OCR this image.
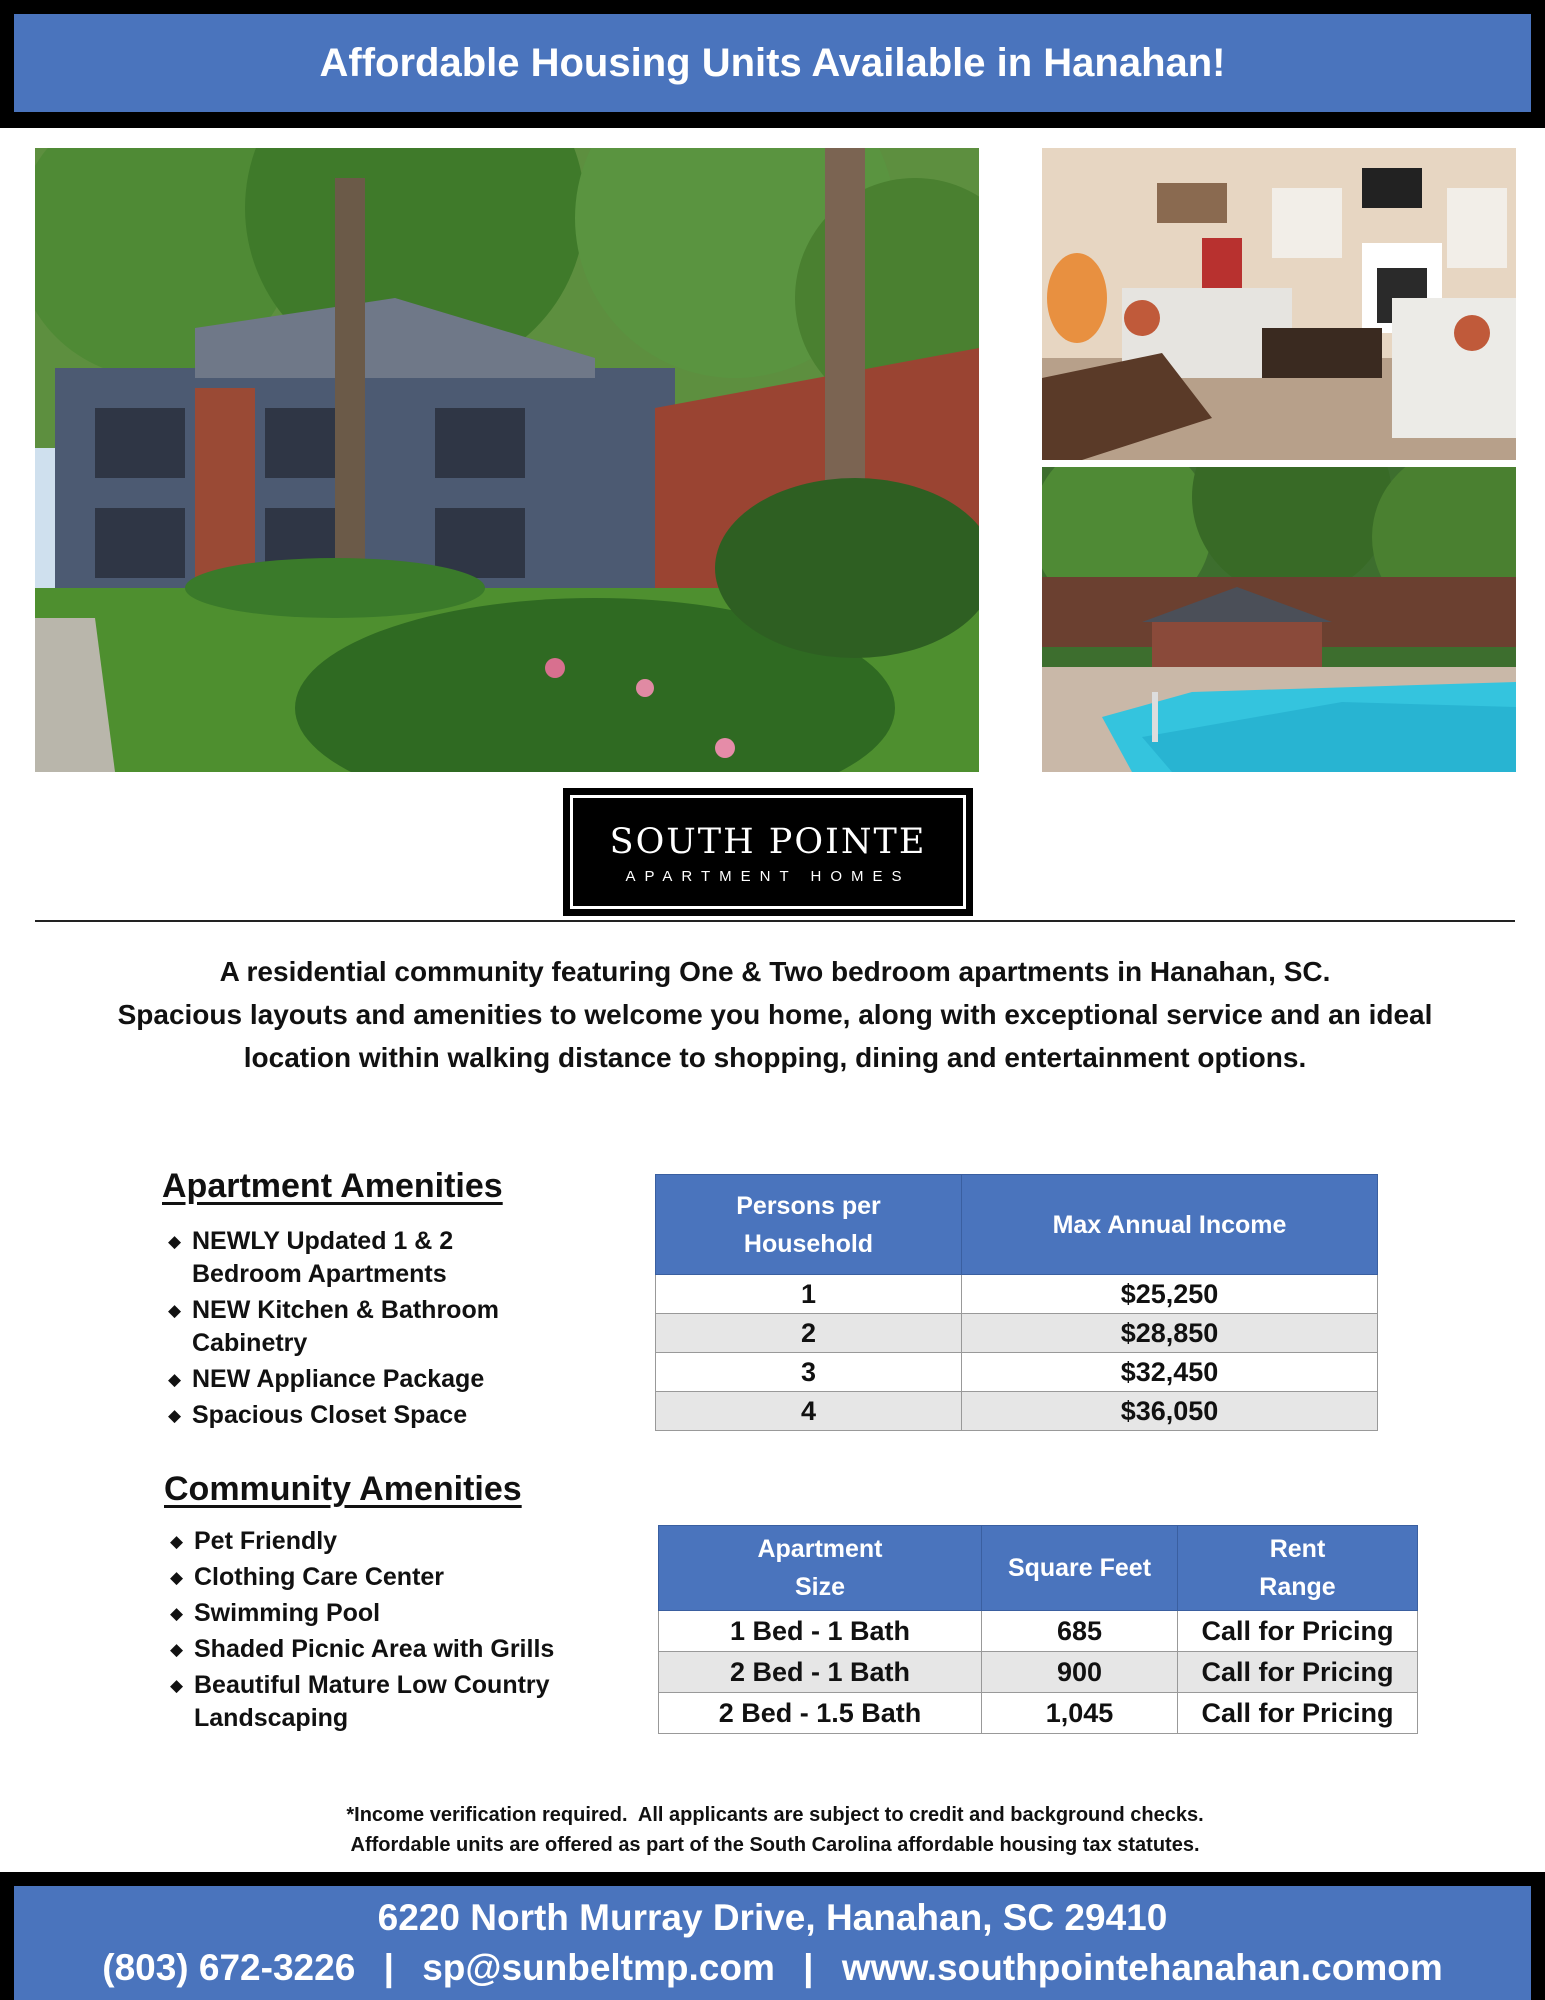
Affordable Housing Units Available in Hanahan!
SOUTH POINTE
APARTMENT HOMES
A residential community featuring One & Two bedroom apartments in Hanahan, SC.
Spacious layouts and amenities to welcome you home, along with exceptional service and an ideal
location within walking distance to shopping, dining and entertainment options.
Apartment Amenities
◆ NEWLY Updated 1 & 2
Bedroom Apartments
◆ NEW Kitchen & Bathroom
Cabinetry
◆ NEW Appliance Package
◆ Spacious Closet Space
Community Amenities
◆ Pet Friendly
◆ Clothing Care Center
◆ Swimming Pool
◆ Shaded Picnic Area with Grills
◆ Beautiful Mature Low Country
Landscaping
Persons per
Household	Max Annual Income
1	$25,250
2	$28,850
3	$32,450
4	$36,050
Apartment
Size	Square Feet	Rent
Range
1 Bed - 1 Bath	685	Call for Pricing
2 Bed - 1 Bath	900	Call for Pricing
2 Bed - 1.5 Bath	1,045	Call for Pricing
*Income verification required.  All applicants are subject to credit and background checks.
Affordable units are offered as part of the South Carolina affordable housing tax statutes.
6220 North Murray Drive, Hanahan, SC 29410
(803) 672-3226 | sp@sunbeltmp.com | www.southpointehanahan.comom
